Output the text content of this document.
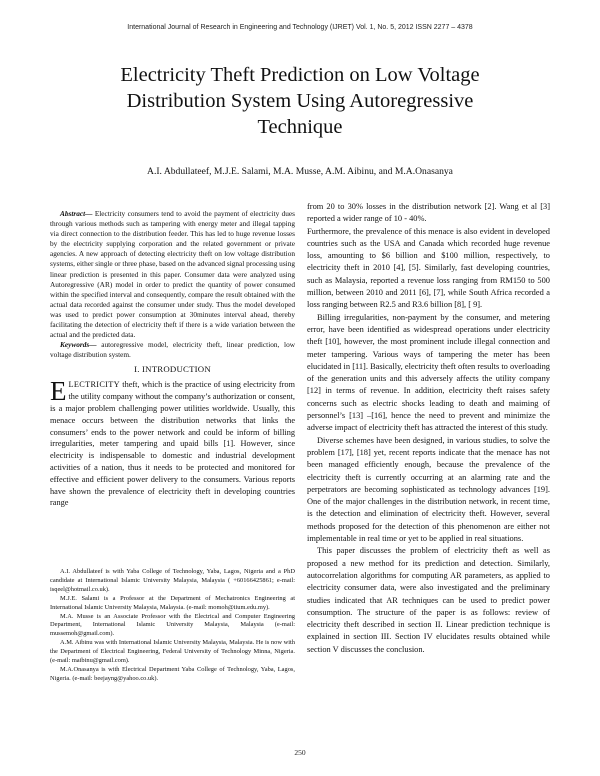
International Journal of Research in Engineering and Technology (IJRET) Vol. 1, No. 5, 2012 ISSN 2277 – 4378
Electricity Theft Prediction on Low Voltage
Distribution System Using Autoregressive
Technique
A.I. Abdullateef, M.J.E. Salami, M.A. Musse, A.M. Aibinu, and M.A.Onasanya

Abstract— Electricity consumers tend to avoid the payment of electricity dues through various methods such as tampering with energy meter and illegal tapping via direct connection to the distribution feeder. This has led to huge revenue losses by the electricity supplying corporation and the related government or private agencies. A new approach of detecting electricity theft on low voltage distribution systems, either single or three phase, based on the advanced signal processing using linear prediction is presented in this paper. Consumer data were analyzed using Autoregressive (AR) model in order to predict the quantity of power consumed within the specified interval and consequently, compare the result obtained with the actual data recorded against the consumer under study. Thus the model developed was used to predict power consumption at 30minutes interval ahead, thereby facilitating the detection of electricity theft if there is a wide variation between the actual and the predicted data.

Keywords— autoregressive model, electricity theft, linear prediction, low voltage distribution system.

I. INTRODUCTION

ELECTRICITY theft, which is the practice of using electricity from the utility company without the company’s authorization or consent, is a major problem challenging power utilities worldwide. Usually, this menace occurs between the distribution networks that links the consumers’ ends to the power network and could be inform of billing irregularities, meter tampering and upaid bills [1]. However, since electricity is indispensable to domestic and industrial development activities of a nation, thus it needs to be protected and monitored for effective and efficient power delivery to the consumers. Various reports have shown the prevalence of electricity theft in developing countries range

A.I. Abdullateef is with Yaba College of Technology, Yaba, Lagos, Nigeria and a PhD candidate at International Islamic University Malaysia, Malaysia ( +60166425861; e-mail: isqeel@hotmail.co.uk).

M.J.E. Salami is a Professor at the Department of Mechatronics Engineering at International Islamic University Malaysia, Malaysia. (e-mail: momoh@iium.edu.my).

M.A. Musse is an Associate Professor with the Electrical and Computer Engineering Department, International Islamic University Malaysia, Malaysia (e-mail: mussemoh@gmail.com).

A.M. Aibinu was with International Islamic University Malaysia, Malaysia. He is now with the Department of Electrical Engineering, Federal University of Technology Minna, Nigeria. (e-mail: maibinu@gmail.com).

M.A.Onasanya is with Electrical Department Yaba College of Technology, Yaba, Lagos, Nigeria. (e-mail: beejayng@yahoo.co.uk).

from 20 to 30% losses in the distribution network [2]. Wang et al [3] reported a wider range of 10 - 40%.

Furthermore, the prevalence of this menace is also evident in developed countries such as the USA and Canada which recorded huge revenue loss, amounting to $6 billion and $100 million, respectively, to electricity theft in 2010 [4], [5]. Similarly, fast developing countries, such as Malaysia, reported a revenue loss ranging from RM150 to 500 million, between 2010 and 2011 [6], [7], while South Africa recorded a loss ranging between R2.5 and R3.6 billion [8], [ 9].

Billing irregularities, non-payment by the consumer, and metering error, have been identified as widespread operations under electricity theft [10], however, the most prominent include illegal connection and meter tampering. Various ways of tampering the meter has been elucidated in [11]. Basically, electricity theft often results to overloading of the generation units and this adversely affects the utility company [12] in terms of revenue. In addition, electricity theft raises safety concerns such as electric shocks leading to death and maiming of personnel’s [13] –[16], hence the need to prevent and minimize the adverse impact of electricity theft has attracted the interest of this study.

Diverse schemes have been designed, in various studies, to solve the problem [17], [18] yet, recent reports indicate that the menace has not been managed efficiently enough, because the prevalence of the electricity theft is currently occurring at an alarming rate and the perpetrators are becoming sophisticated as technology advances [19]. One of the major challenges in the distribution network, in recent time, is the detection and elimination of electricity theft. However, several methods proposed for the detection of this phenomenon are either not implementable in real time or yet to be applied in real situations.

This paper discusses the problem of electricity theft as well as proposed a new method for its prediction and detection. Similarly, autocorrelation algorithms for computing AR parameters, as applied to electricity consumer data, were also investigated and the preliminary studies indicated that AR techniques can be used to predict power consumption. The structure of the paper is as follows: review of electricity theft described in section II. Linear prediction technique is explained in section III. Section IV elucidates results obtained while section V discusses the conclusion.

250
